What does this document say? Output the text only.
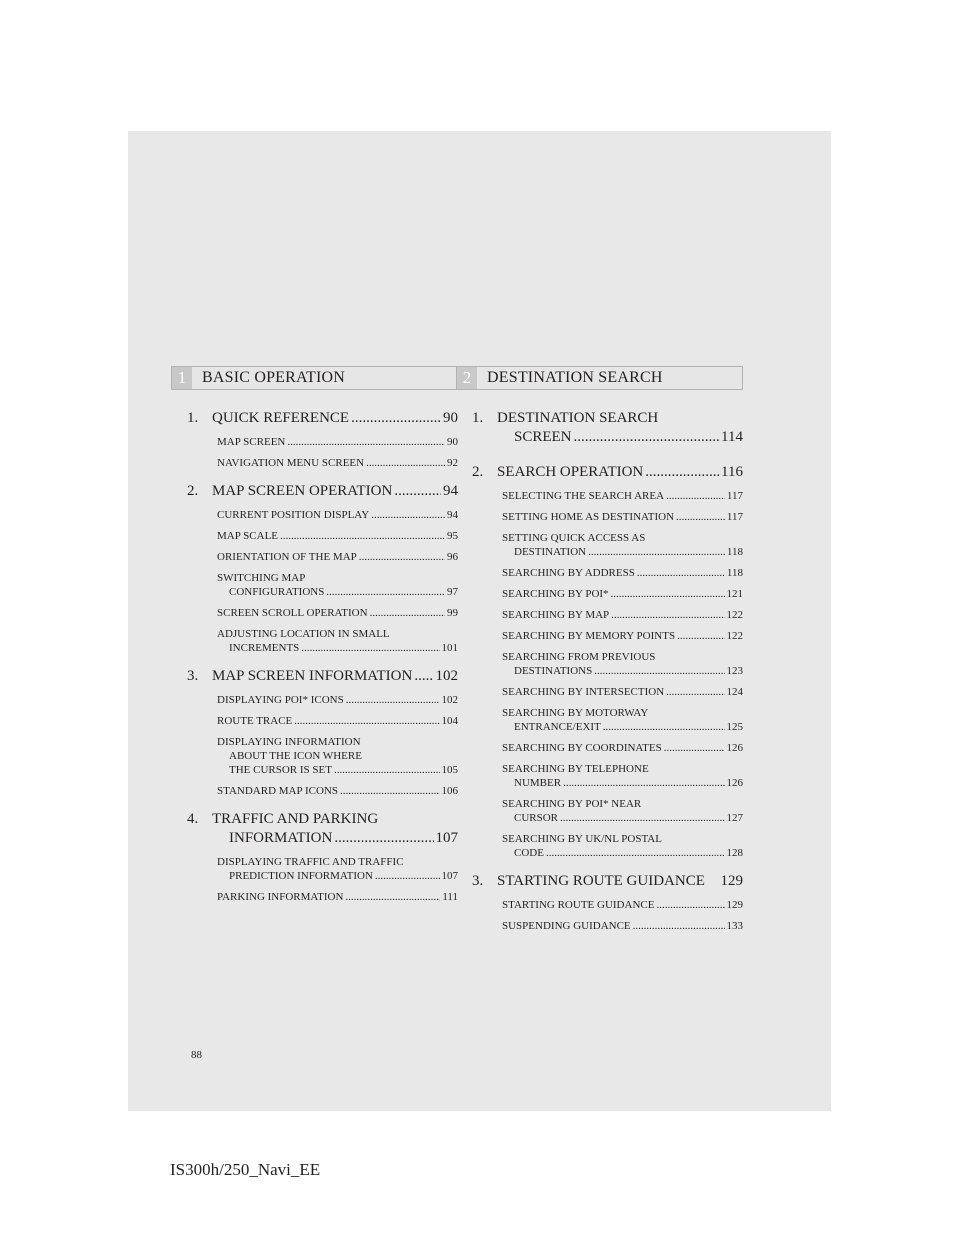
1 BASIC OPERATION
1. QUICK REFERENCE .....	90
MAP SCREEN .....	90
NAVIGATION MENU SCREEN .....	92
2. MAP SCREEN OPERATION .....	94
CURRENT POSITION DISPLAY .....	94
MAP SCALE .....	95
ORIENTATION OF THE MAP .....	96
SWITCHING MAP
CONFIGURATIONS .....	97
SCREEN SCROLL OPERATION .....	99
ADJUSTING LOCATION IN SMALL
INCREMENTS .....	101
3. MAP SCREEN INFORMATION ..... 102
DISPLAYING POI* ICONS .....	102
ROUTE TRACE .....	104
DISPLAYING INFORMATION
ABOUT THE ICON WHERE
THE CURSOR IS SET .....	105
STANDARD MAP ICONS .....	106
4. TRAFFIC AND PARKING
INFORMATION .....	107
DISPLAYING TRAFFIC AND TRAFFIC
PREDICTION INFORMATION .....	107
PARKING INFORMATION .....	111
2 DESTINATION SEARCH
1. DESTINATION SEARCH
SCREEN .....	114
2. SEARCH OPERATION .....	116
SELECTING THE SEARCH AREA .....	117
SETTING HOME AS DESTINATION .....	117
SETTING QUICK ACCESS AS
DESTINATION .....	118
SEARCHING BY ADDRESS .....	118
SEARCHING BY POI* .....	121
SEARCHING BY MAP .....	122
SEARCHING BY MEMORY POINTS .....	122
SEARCHING FROM PREVIOUS
DESTINATIONS .....	123
SEARCHING BY INTERSECTION .....	124
SEARCHING BY MOTORWAY
ENTRANCE/EXIT .....	125
SEARCHING BY COORDINATES .....	126
SEARCHING BY TELEPHONE
NUMBER .....	126
SEARCHING BY POI* NEAR
CURSOR .....	127
SEARCHING BY UK/NL POSTAL
CODE .....	128
3. STARTING ROUTE GUIDANCE 129
STARTING ROUTE GUIDANCE .....	129
SUSPENDING GUIDANCE .....	133
88
IS300h/250_Navi_EE
